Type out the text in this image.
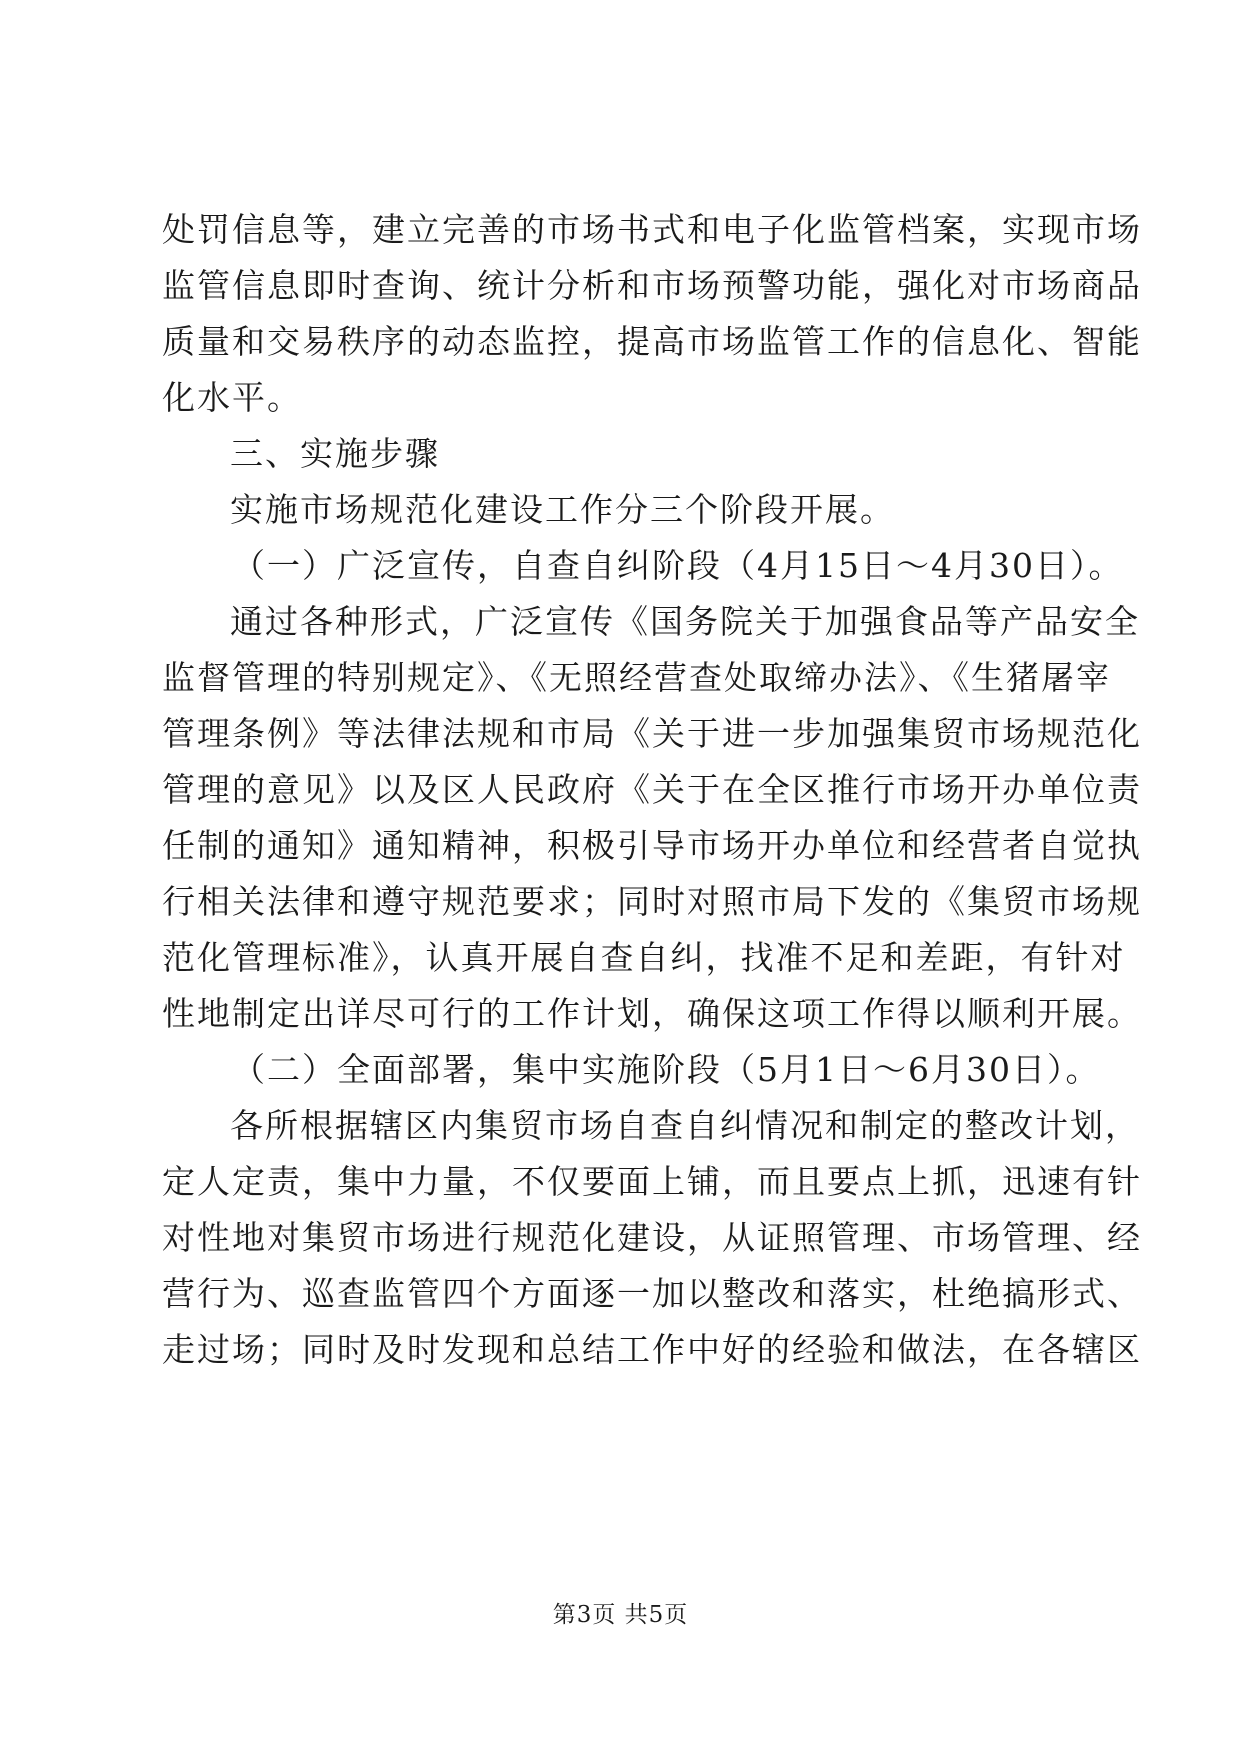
处罚信息等，建立完善的市场书式和电子化监管档案，实现市场

监管信息即时查询、统计分析和市场预警功能，强化对市场商品

质量和交易秩序的动态监控，提高市场监管工作的信息化、智能

化水平。

三、实施步骤

实施市场规范化建设工作分三个阶段开展。

（一）广泛宣传，自查自纠阶段（4月15日～4月30日）。

通过各种形式，广泛宣传《国务院关于加强食品等产品安全

监督管理的特别规定》、《无照经营查处取缔办法》、《生猪屠宰

管理条例》等法律法规和市局《关于进一步加强集贸市场规范化

管理的意见》以及区人民政府《关于在全区推行市场开办单位责

任制的通知》通知精神，积极引导市场开办单位和经营者自觉执

行相关法律和遵守规范要求；同时对照市局下发的《集贸市场规

范化管理标准》，认真开展自查自纠，找准不足和差距，有针对

性地制定出详尽可行的工作计划，确保这项工作得以顺利开展。

（二）全面部署，集中实施阶段（5月1日～6月30日）。

各所根据辖区内集贸市场自查自纠情况和制定的整改计划，

定人定责，集中力量，不仅要面上铺，而且要点上抓，迅速有针

对性地对集贸市场进行规范化建设，从证照管理、市场管理、经

营行为、巡查监管四个方面逐一加以整改和落实，杜绝搞形式、

走过场；同时及时发现和总结工作中好的经验和做法，在各辖区

第3页 共5页
